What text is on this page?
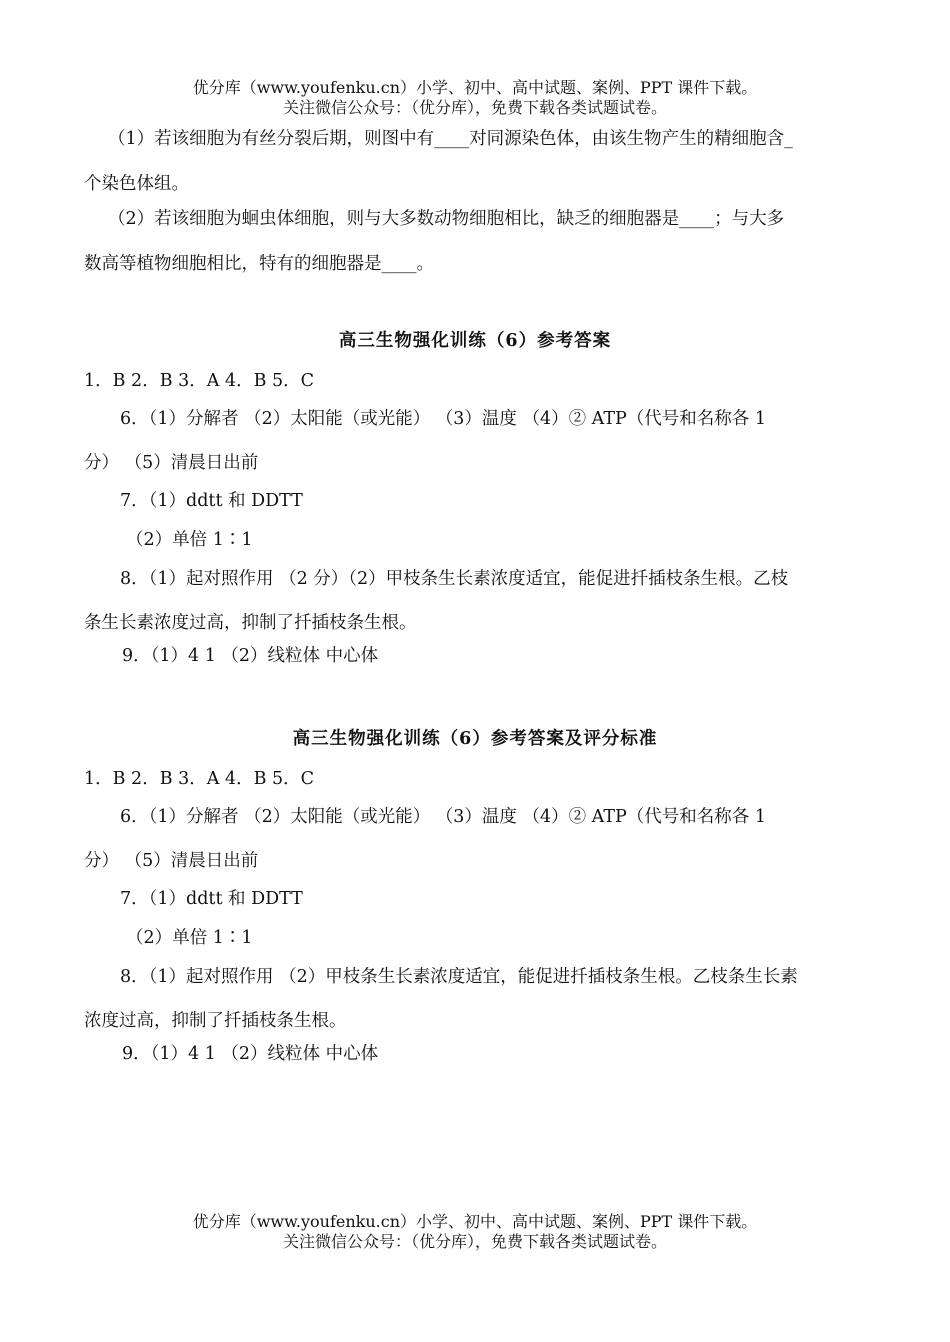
优分库（www.youfenku.cn）小学、初中、高中试题、案例、PPT 课件下载。
关注微信公众号：（优分库），免费下载各类试题试卷。
（1）若该细胞为有丝分裂后期，则图中有____对同源染色体，由该生物产生的精细胞含_
个染色体组。
（2）若该细胞为蛔虫体细胞，则与大多数动物细胞相比，缺乏的细胞器是____；与大多
数高等植物细胞相比，特有的细胞器是____。
高三生物强化训练（6）参考答案
1．B 2．B 3．A 4．B 5．C
6．（1）分解者 （2）太阳能（或光能） （3）温度 （4）② ATP（代号和名称各 1
分） （5）清晨日出前
7．（1）ddtt 和 DDTT
（2）单倍 1∶1
8．（1）起对照作用 （2 分）（2）甲枝条生长素浓度适宜，能促进扦插枝条生根。乙枝
条生长素浓度过高，抑制了扦插枝条生根。
9．（1）4 1 （2）线粒体 中心体
高三生物强化训练（6）参考答案及评分标准
1．B 2．B 3．A 4．B 5．C
6．（1）分解者 （2）太阳能（或光能） （3）温度 （4）② ATP（代号和名称各 1
分） （5）清晨日出前
7．（1）ddtt 和 DDTT
（2）单倍 1∶1
8．（1）起对照作用 （2）甲枝条生长素浓度适宜，能促进扦插枝条生根。乙枝条生长素
浓度过高，抑制了扦插枝条生根。
9．（1）4 1 （2）线粒体 中心体
优分库（www.youfenku.cn）小学、初中、高中试题、案例、PPT 课件下载。
关注微信公众号：（优分库），免费下载各类试题试卷。
